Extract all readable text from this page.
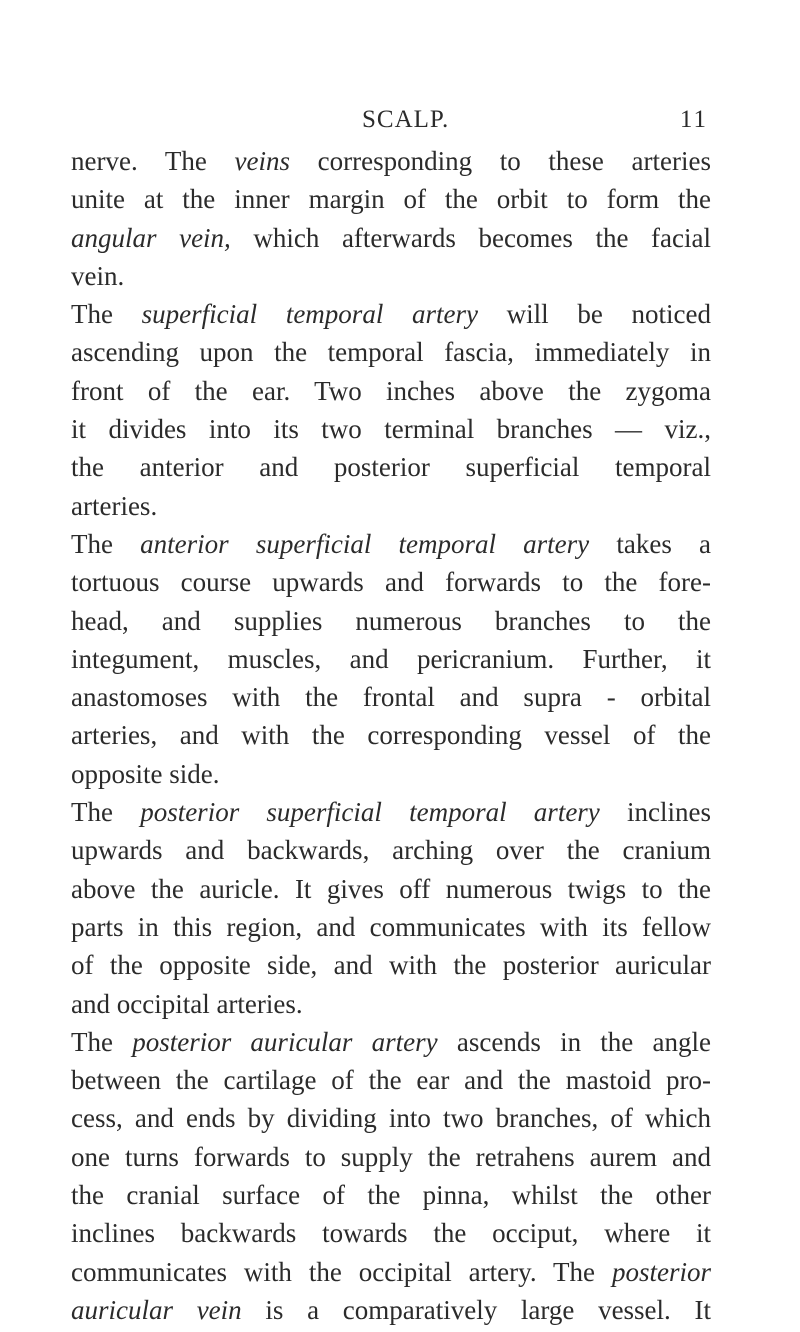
SCALP.	11
nerve. The veins corresponding to these arteries
unite at the inner margin of the orbit to form the
angular vein, which afterwards becomes the facial
vein.
The superficial temporal artery will be noticed
ascending upon the temporal fascia, immediately in
front of the ear. Two inches above the zygoma
it divides into its two terminal branches — viz.,
the anterior and posterior superficial temporal
arteries.
The anterior superficial temporal artery takes a
tortuous course upwards and forwards to the fore-
head, and supplies numerous branches to the
integument, muscles, and pericranium. Further, it
anastomoses with the frontal and supra - orbital
arteries, and with the corresponding vessel of the
opposite side.
The posterior superficial temporal artery inclines
upwards and backwards, arching over the cranium
above the auricle. It gives off numerous twigs to the
parts in this region, and communicates with its fellow
of the opposite side, and with the posterior auricular
and occipital arteries.
The posterior auricular artery ascends in the angle
between the cartilage of the ear and the mastoid pro-
cess, and ends by dividing into two branches, of which
one turns forwards to supply the retrahens aurem and
the cranial surface of the pinna, whilst the other
inclines backwards towards the occiput, where it
communicates with the occipital artery. The posterior
auricular vein is a comparatively large vessel. It
